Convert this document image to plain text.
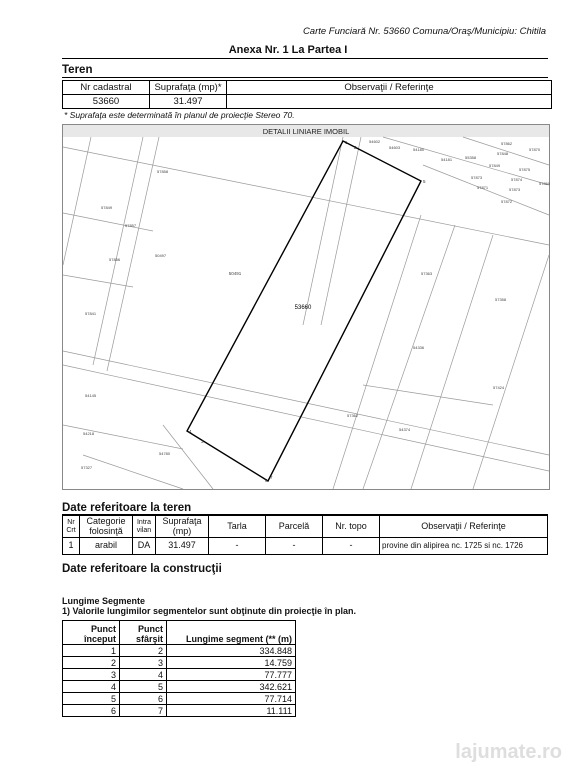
Carte Funciară Nr. 53660 Comuna/Oraş/Municipiu: Chitila
Anexa Nr. 1 La Partea I
Teren
Nr cadastral	Suprafaţa (mp)*	Observaţii / Referinţe
53660	31.497	
* Suprafaţa este determinată în planul de proiecţie Stereo 70.
DETALII LINIARE IMOBIL
53660
50491
1
2
5
3
4
6
7
57858
57849
57857
57856
50497
57841
54145
54218
57327
54780
57363
57358
54336
57424
57362
54374
54602
54603	54180
54181	55358
57862
57870
57848
57849
57875
57874
57871	57873
57872
57860
57873
Date referitoare la teren
Nr Crt	Categorie folosinţă	Intra vilan	Suprafaţa (mp)	Tarla	Parcelă	Nr. topo	Observaţii / Referinţe
1	arabil	DA	31.497	-	-	-	provine din alipirea nc. 1725 si nc. 1726
Date referitoare la construcţii
Lungime Segmente
1) Valorile lungimilor segmentelor sunt obţinute din proiecţie în plan.
Punct început	Punct sfârşit	Lungime segment (** (m)
1	2	334.848
2	3	14.759
3	4	77.777
4	5	342.621
5	6	77.714
6	7	11.111
lajumate.ro
